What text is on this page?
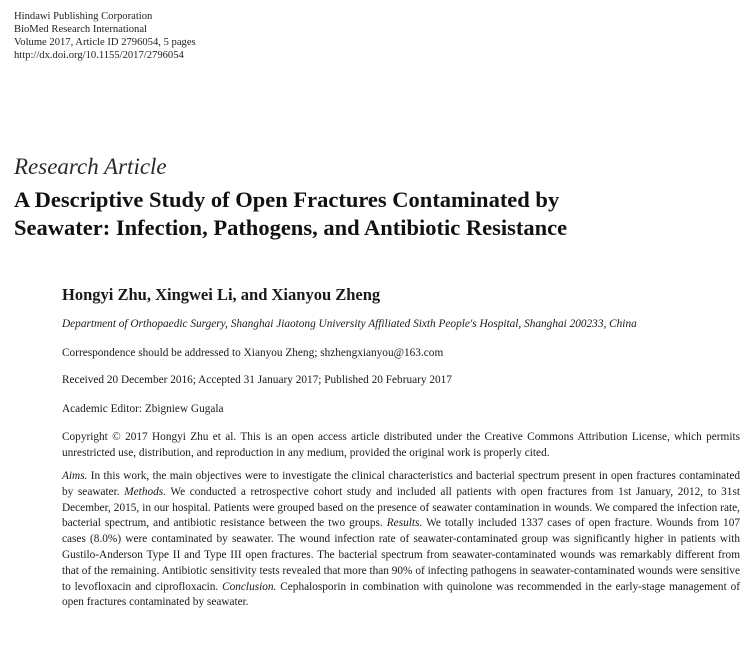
Hindawi Publishing Corporation
BioMed Research International
Volume 2017, Article ID 2796054, 5 pages
http://dx.doi.org/10.1155/2017/2796054
Research Article
A Descriptive Study of Open Fractures Contaminated by
Seawater: Infection, Pathogens, and Antibiotic Resistance
Hongyi Zhu, Xingwei Li, and Xianyou Zheng
Department of Orthopaedic Surgery, Shanghai Jiaotong University Affiliated Sixth People's Hospital, Shanghai 200233, China
Correspondence should be addressed to Xianyou Zheng; shzhengxianyou@163.com
Received 20 December 2016; Accepted 31 January 2017; Published 20 February 2017
Academic Editor: Zbigniew Gugala
Copyright © 2017 Hongyi Zhu et al. This is an open access article distributed under the Creative Commons Attribution License, which permits unrestricted use, distribution, and reproduction in any medium, provided the original work is properly cited.
Aims. In this work, the main objectives were to investigate the clinical characteristics and bacterial spectrum present in open fractures contaminated by seawater. Methods. We conducted a retrospective cohort study and included all patients with open fractures from 1st January, 2012, to 31st December, 2015, in our hospital. Patients were grouped based on the presence of seawater contamination in wounds. We compared the infection rate, bacterial spectrum, and antibiotic resistance between the two groups. Results. We totally included 1337 cases of open fracture. Wounds from 107 cases (8.0%) were contaminated by seawater. The wound infection rate of seawater-contaminated group was significantly higher in patients with Gustilo-Anderson Type II and Type III open fractures. The bacterial spectrum from seawater-contaminated wounds was remarkably different from that of the remaining. Antibiotic sensitivity tests revealed that more than 90% of infecting pathogens in seawater-contaminated wounds were sensitive to levofloxacin and ciprofloxacin. Conclusion. Cephalosporin in combination with quinolone was recommended in the early-stage management of open fractures contaminated by seawater.
